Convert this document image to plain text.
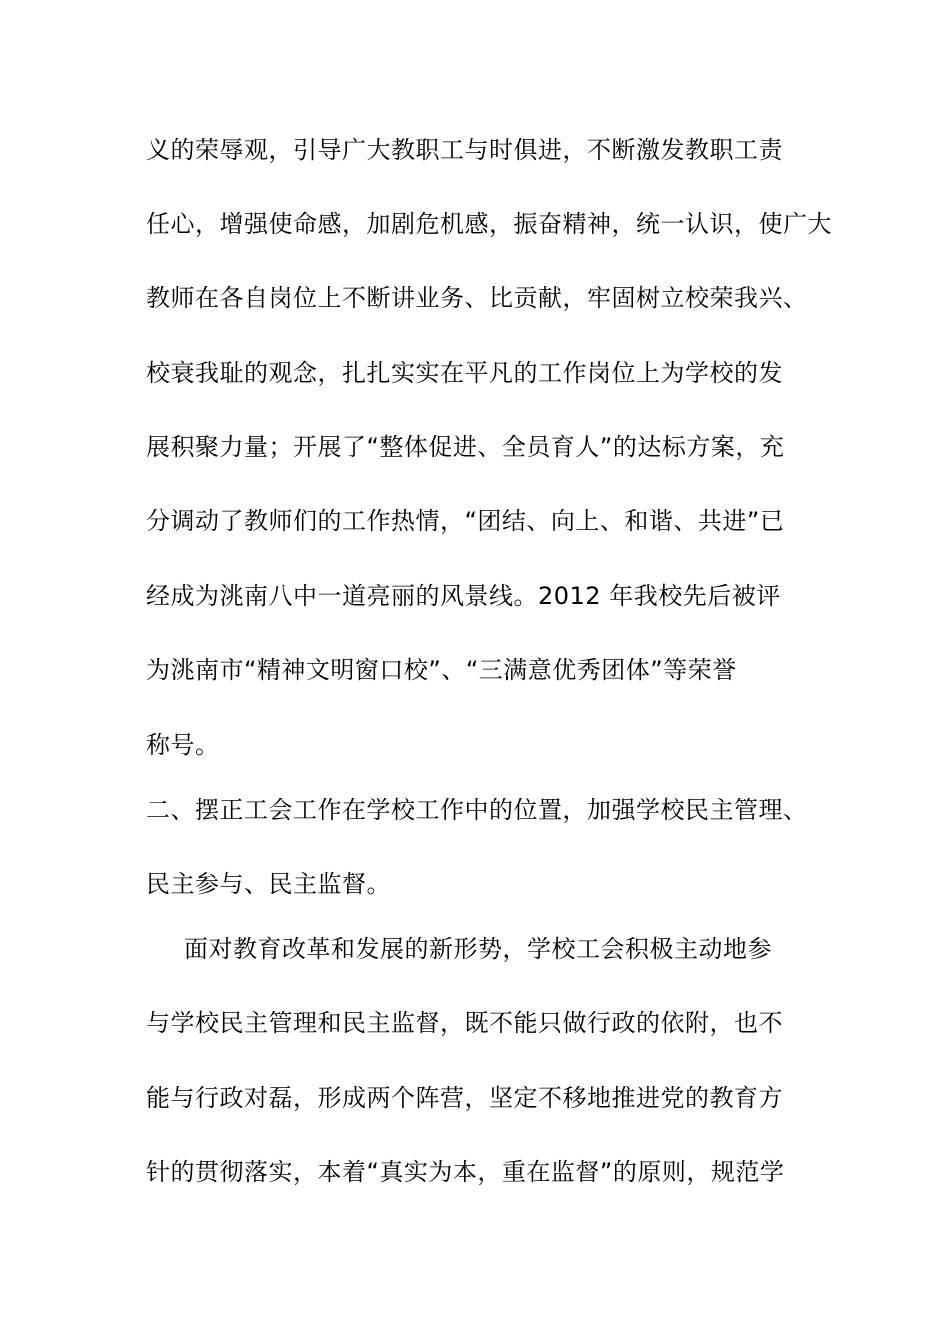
义的荣辱观，引导广大教职工与时俱进，不断激发教职工责
任心，增强使命感，加剧危机感，振奋精神，统一认识，使广大
教师在各自岗位上不断讲业务、比贡献，牢固树立校荣我兴、
校衰我耻的观念，扎扎实实在平凡的工作岗位上为学校的发
展积聚力量；开展了“整体促进、全员育人”的达标方案，充
分调动了教师们的工作热情，“团结、向上、和谐、共进”已
经成为洮南八中一道亮丽的风景线。2012 年我校先后被评
为洮南市“精神文明窗口校”、“三满意优秀团体”等荣誉
称号。
二、摆正工会工作在学校工作中的位置，加强学校民主管理、
民主参与、民主监督。
面对教育改革和发展的新形势，学校工会积极主动地参
与学校民主管理和民主监督，既不能只做行政的依附，也不
能与行政对磊，形成两个阵营，坚定不移地推进党的教育方
针的贯彻落实，本着“真实为本，重在监督”的原则，规范学
